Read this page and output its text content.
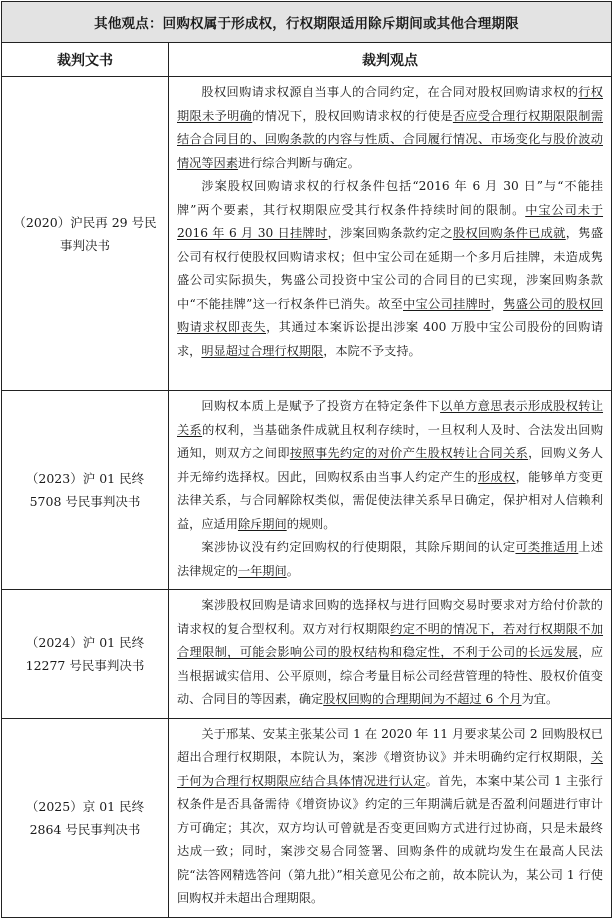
其他观点：回购权属于形成权，行权期限适用除斥期间或其他合理期限	
裁判文书	裁判观点
（2020）沪民再 29 号民事判决书	股权回购请求权源自当事人的合同约定，在合同对股权回购请求权的行权期限未予明确的情况下，股权回购请求权的行使是否应受合理行权期限限制需结合合同目的、回购条款的内容与性质、合同履行情况、市场变化与股价波动情况等因素进行综合判断与确定。

涉案股权回购请求权的行权条件包括“2016 年 6 月 30 日”与“不能挂牌”两个要素，其行权期限应受其行权条件持续时间的限制。中宝公司未于 2016 年 6 月 30 日挂牌时，涉案回购条款约定之股权回购条件已成就，隽盛公司有权行使股权回购请求权；但中宝公司在延期一个多月后挂牌，未造成隽盛公司实际损失，隽盛公司投资中宝公司的合同目的已实现，涉案回购条款中“不能挂牌”这一行权条件已消失。故至中宝公司挂牌时，隽盛公司的股权回购请求权即丧失，其通过本案诉讼提出涉案 400 万股中宝公司股份的回购请求，明显超过合理行权期限，本院不予支持。

（2023）沪 01 民终 5708 号民事判决书	回购权本质上是赋予了投资方在特定条件下以单方意思表示形成股权转让关系的权利，当基础条件成就且权利存续时，一旦权利人及时、合法发出回购通知，则双方之间即按照事先约定的对价产生股权转让合同关系，回购义务人并无缔约选择权。因此，回购权系由当事人约定产生的形成权，能够单方变更法律关系，与合同解除权类似，需促使法律关系早日确定，保护相对人信赖利益，应适用除斥期间的规则。

案涉协议没有约定回购权的行使期限，其除斥期间的认定可类推适用上述法律规定的一年期间。

（2024）沪 01 民终 12277 号民事判决书	案涉股权回购是请求回购的选择权与进行回购交易时要求对方给付价款的请求权的复合型权利。双方对行权期限约定不明的情况下，若对行权期限不加合理限制，可能会影响公司的股权结构和稳定性，不利于公司的长远发展，应当根据诚实信用、公平原则，综合考量目标公司经营管理的特性、股权价值变动、合同目的等因素，确定股权回购的合理期间为不超过 6 个月为宜。

（2025）京 01 民终 2864 号民事判决书	关于邢某、安某主张某公司 1 在 2020 年 11 月要求某公司 2 回购股权已超出合理行权期限，本院认为，案涉《增资协议》并未明确约定行权期限，关于何为合理行权期限应结合具体情况进行认定。首先，本案中某公司 1 主张行权条件是否具备需待《增资协议》约定的三年期满后就是否盈利问题进行审计方可确定；其次，双方均认可曾就是否变更回购方式进行过协商，只是未最终达成一致；同时，案涉交易合同签署、回购条件的成就均发生在最高人民法院“法答网精选答问（第九批）”相关意见公布之前，故本院认为，某公司 1 行使回购权并未超出合理期限。
